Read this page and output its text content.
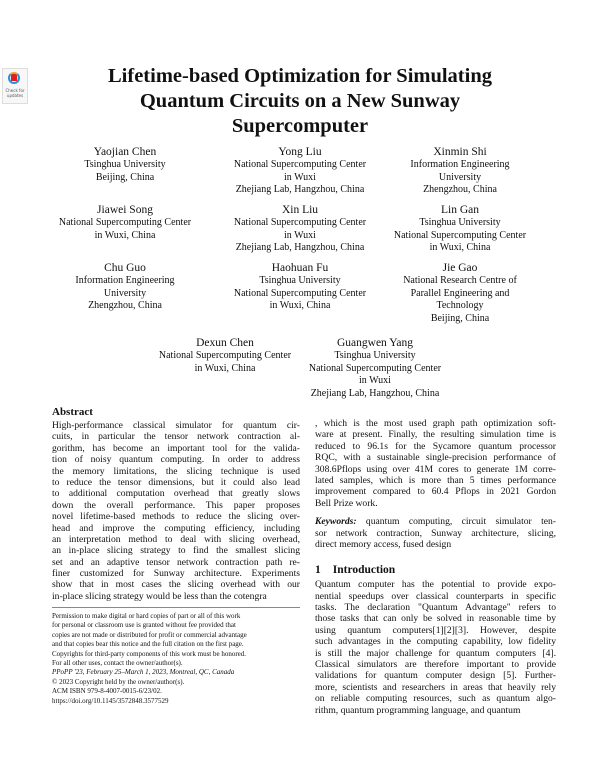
Check for updates
Lifetime-based Optimization for Simulating
Quantum Circuits on a New Sunway
Supercomputer
Yaojian Chen
Tsinghua University
Beijing, China
Yong Liu
National Supercomputing Center
in Wuxi
Zhejiang Lab, Hangzhou, China
Xinmin Shi
Information Engineering
University
Zhengzhou, China
Jiawei Song
National Supercomputing Center
in Wuxi, China
Xin Liu
National Supercomputing Center
in Wuxi
Zhejiang Lab, Hangzhou, China
Lin Gan
Tsinghua University
National Supercomputing Center
in Wuxi, China
Chu Guo
Information Engineering
University
Zhengzhou, China
Haohuan Fu
Tsinghua University
National Supercomputing Center
in Wuxi, China
Jie Gao
National Research Centre of
Parallel Engineering and
Technology
Beijing, China
Dexun Chen
National Supercomputing Center
in Wuxi, China
Guangwen Yang
Tsinghua University
National Supercomputing Center
in Wuxi
Zhejiang Lab, Hangzhou, China
Abstract
High-performance classical simulator for quantum cir-
cuits, in particular the tensor network contraction al-
gorithm, has become an important tool for the valida-
tion of noisy quantum computing. In order to address
the memory limitations, the slicing technique is used
to reduce the tensor dimensions, but it could also lead
to additional computation overhead that greatly slows
down the overall performance. This paper proposes
novel lifetime-based methods to reduce the slicing over-
head and improve the computing efficiency, including
an interpretation method to deal with slicing overhead,
an in-place slicing strategy to find the smallest slicing
set and an adaptive tensor network contraction path re-
finer customized for Sunway architecture. Experiments
show that in most cases the slicing overhead with our
in-place slicing strategy would be less than the cotengra
Permission to make digital or hard copies of part or all of this work
for personal or classroom use is granted without fee provided that
copies are not made or distributed for profit or commercial advantage
and that copies bear this notice and the full citation on the first page.
Copyrights for third-party components of this work must be honored.
For all other uses, contact the owner/author(s).
PPoPP '23, February 25–March 1, 2023, Montreal, QC, Canada
© 2023 Copyright held by the owner/author(s).
ACM ISBN 979-8-4007-0015-6/23/02.
https://doi.org/10.1145/3572848.3577529
, which is the most used graph path optimization soft-
ware at present. Finally, the resulting simulation time is
reduced to 96.1s for the Sycamore quantum processor
RQC, with a sustainable single-precision performance of
308.6Pflops using over 41M cores to generate 1M corre-
lated samples, which is more than 5 times performance
improvement compared to 60.4 Pflops in 2021 Gordon
Bell Prize work.
Keywords: quantum computing, circuit simulator ten-
sor network contraction, Sunway architecture, slicing,
direct memory access, fused design
1 Introduction
Quantum computer has the potential to provide expo-
nential speedups over classical counterparts in specific
tasks. The declaration "Quantum Advantage" refers to
those tasks that can only be solved in reasonable time by
using quantum computers[1][2][3]. However, despite
such advantages in the computing capability, low fidelity
is still the major challenge for quantum computers [4].
Classical simulators are therefore important to provide
validations for quantum computer design [5]. Further-
more, scientists and researchers in areas that heavily rely
on reliable computing resources, such as quantum algo-
rithm, quantum programming language, and quantum
